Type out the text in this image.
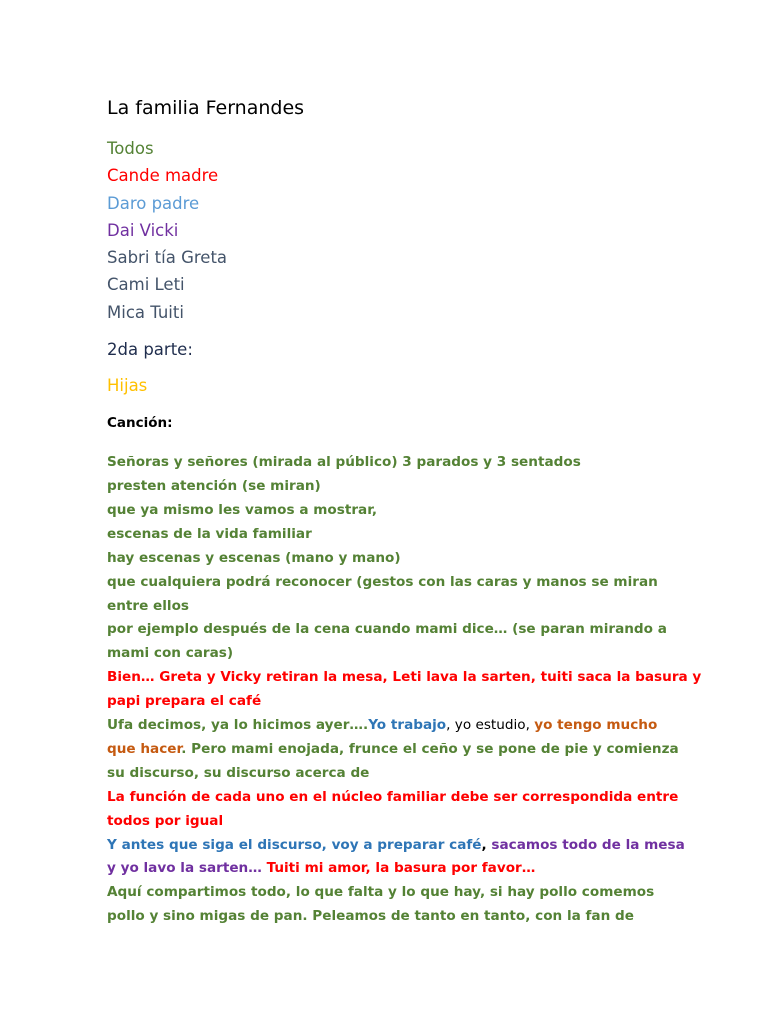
La familia Fernandes
Todos
Cande madre
Daro padre
Dai Vicki
Sabri tía Greta
Cami Leti
Mica Tuiti
2da parte:
Hijas
Canción:
Señoras y señores (mirada al público) 3 parados y 3 sentados
presten atención (se miran)
que ya mismo les vamos a mostrar,
escenas de la vida familiar
hay escenas y escenas (mano y mano)
que cualquiera podrá reconocer (gestos con las caras y manos se miran
entre ellos
por ejemplo después de la cena cuando mami dice… (se paran mirando a
mami con caras)
Bien… Greta y Vicky retiran la mesa, Leti lava la sarten, tuiti saca la basura y
papi prepara el café
Ufa decimos, ya lo hicimos ayer….Yo trabajo, yo estudio, yo tengo mucho
que hacer. Pero mami enojada, frunce el ceño y se pone de pie y comienza
su discurso, su discurso acerca de
La función de cada uno en el núcleo familiar debe ser correspondida entre
todos por igual
Y antes que siga el discurso, voy a preparar café, sacamos todo de la mesa
y yo lavo la sarten… Tuiti mi amor, la basura por favor…
Aquí compartimos todo, lo que falta y lo que hay, si hay pollo comemos
pollo y sino migas de pan. Peleamos de tanto en tanto, con la fan de
